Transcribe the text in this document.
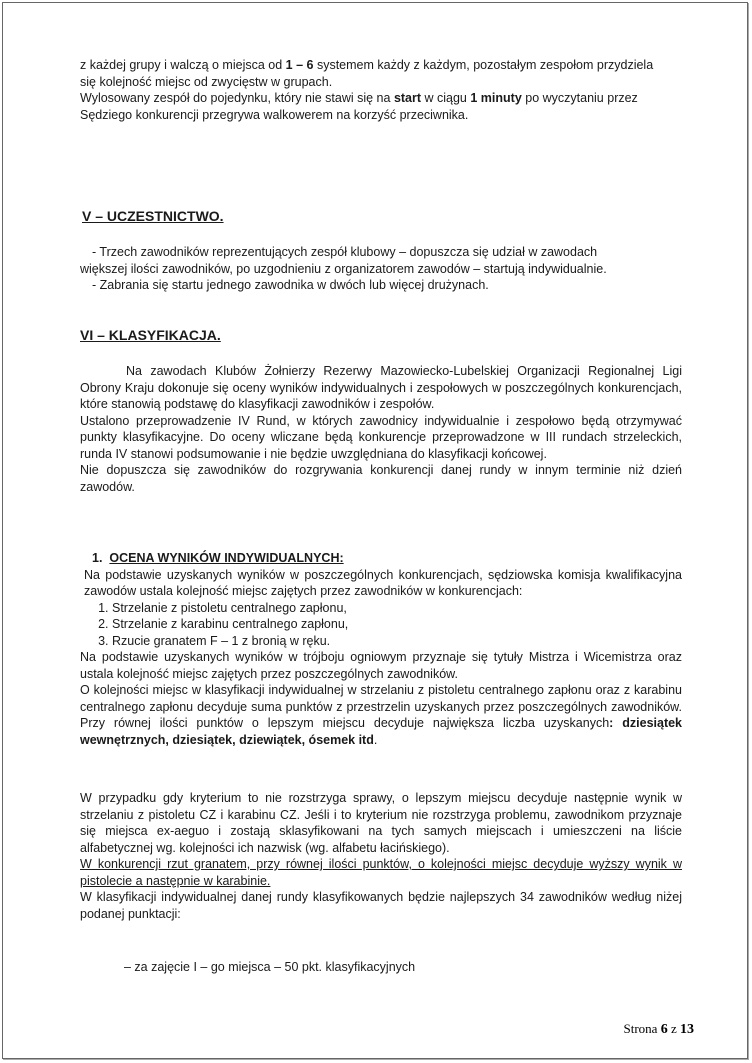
z każdej grupy i walczą o miejsca od 1 – 6 systemem każdy z każdym, pozostałym zespołom przydziela

się kolejność miejsc od zwycięstw w grupach.

Wylosowany zespół do pojedynku, który nie stawi się na start w ciągu 1 minuty po wyczytaniu przez

Sędziego konkurencji przegrywa walkowerem na korzyść przeciwnika.

V – UCZESTNICTWO.

- Trzech zawodników reprezentujących zespół klubowy – dopuszcza się udział w zawodach

większej ilości zawodników, po uzgodnieniu z organizatorem zawodów – startują indywidualnie.

- Zabrania się startu jednego zawodnika w dwóch lub więcej drużynach.

VI – KLASYFIKACJA.

Na zawodach Klubów Żołnierzy Rezerwy Mazowiecko-Lubelskiej Organizacji Regionalnej Ligi Obrony Kraju dokonuje się oceny wyników indywidualnych i zespołowych w poszczególnych konkurencjach, które stanowią podstawę do klasyfikacji zawodników i zespołów.

Ustalono przeprowadzenie IV Rund, w których zawodnicy indywidualnie i zespołowo będą otrzymywać punkty klasyfikacyjne. Do oceny wliczane będą konkurencje przeprowadzone w III rundach strzeleckich, runda IV stanowi podsumowanie i nie będzie uwzględniana do klasyfikacji końcowej.

Nie dopuszcza się zawodników do rozgrywania konkurencji danej rundy w innym terminie niż dzień zawodów.

1. OCENA WYNIKÓW INDYWIDUALNYCH:

Na podstawie uzyskanych wyników w poszczególnych konkurencjach, sędziowska komisja kwalifikacyjna zawodów ustala kolejność miejsc zajętych przez zawodników w konkurencjach:

1. Strzelanie z pistoletu centralnego zapłonu,
2. Strzelanie z karabinu centralnego zapłonu,
3. Rzucie granatem F – 1 z bronią w ręku.

Na podstawie uzyskanych wyników w trójboju ogniowym przyznaje się tytuły Mistrza i Wicemistrza oraz ustala kolejność miejsc zajętych przez poszczególnych zawodników.

O kolejności miejsc w klasyfikacji indywidualnej w strzelaniu z pistoletu centralnego zapłonu oraz z karabinu centralnego zapłonu decyduje suma punktów z przestrzelin uzyskanych przez poszczególnych zawodników. Przy równej ilości punktów o lepszym miejscu decyduje największa liczba uzyskanych: dziesiątek wewnętrznych, dziesiątek, dziewiątek, ósemek itd.

W przypadku gdy kryterium to nie rozstrzyga sprawy, o lepszym miejscu decyduje następnie wynik w strzelaniu z pistoletu CZ i karabinu CZ. Jeśli i to kryterium nie rozstrzyga problemu, zawodnikom przyznaje się miejsca ex-aeguo i zostają sklasyfikowani na tych samych miejscach i umieszczeni na liście alfabetycznej wg. kolejności ich nazwisk (wg. alfabetu łacińskiego).

W konkurencji rzut granatem, przy równej ilości punktów, o kolejności miejsc decyduje wyższy wynik w pistolecie a następnie w karabinie.

W klasyfikacji indywidualnej danej rundy klasyfikowanych będzie najlepszych 34 zawodników według niżej podanej punktacji:

– za zajęcie I – go miejsca – 50 pkt. klasyfikacyjnych

Strona 6 z 13
